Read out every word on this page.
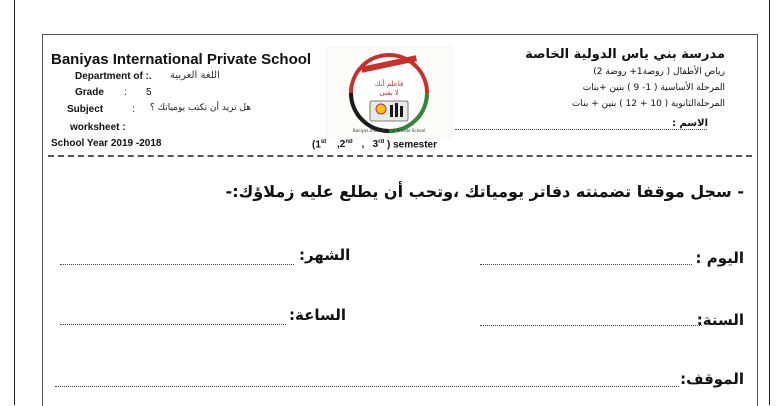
Baniyas International Private School
Department of :. اللغة العربية
Grade : 5
Subject	: هل تريد أن تكتب يومياتك ؟
worksheet :
School Year 2019 -2018	(1st ,2nd ,   3rd ) semester
فاعلم أنك
لا بغنى
Baniyas International Private School
مدرسة بني ياس الدولية الخاصة
رياض الأطفال ( روضة1+ روضة 2)
المرحلة الأساسية ( 1- 9 ) بنين +بنات
المرحلةالثانوية ( 10 + 12 ) بنين + بنات
الاسم :
- سجل موقفا تضمنته دفاتر يومياتك ،وتحب أن يطلع عليه زملاؤك:-
اليوم :
الشهر:
السنة:
الساعة:
الموقف:
